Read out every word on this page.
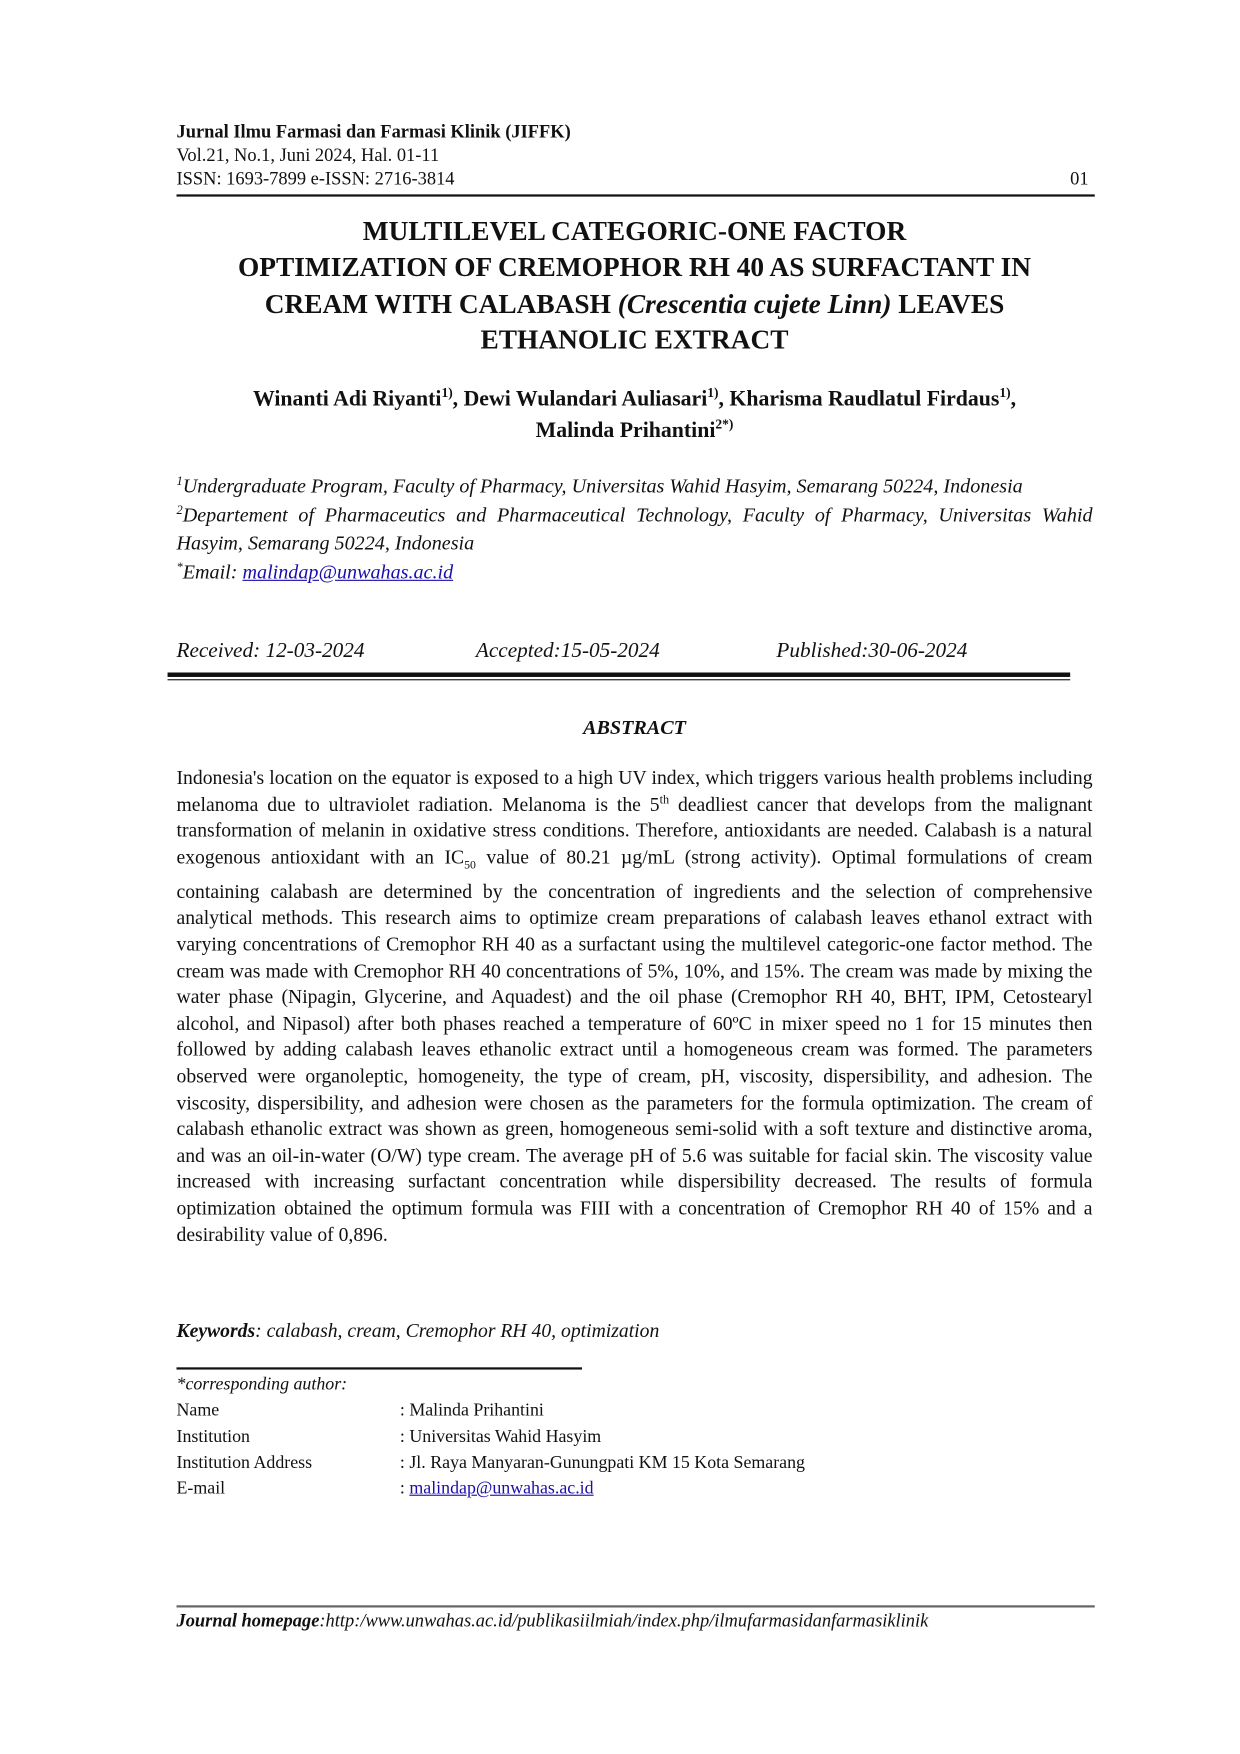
Jurnal Ilmu Farmasi dan Farmasi Klinik (JIFFK)
Vol.21, No.1, Juni 2024, Hal. 01-11
ISSN: 1693-7899 e-ISSN: 2716-3814	01
MULTILEVEL CATEGORIC-ONE FACTOR
OPTIMIZATION OF CREMOPHOR RH 40 AS SURFACTANT IN
CREAM WITH CALABASH (Crescentia cujete Linn) LEAVES
ETHANOLIC EXTRACT
Winanti Adi Riyanti$^{1)}$, Dewi Wulandari Auliasari$^{1)}$, Kharisma Raudlatul Firdaus$^{1)}$,
Malinda Prihantini$^{2*)}$
$^1$Undergraduate Program, Faculty of Pharmacy, Universitas Wahid Hasyim, Semarang 50224, Indonesia
$^2$Departement of Pharmaceutics and Pharmaceutical Technology, Faculty of Pharmacy, Universitas Wahid Hasyim, Semarang 50224, Indonesia
*Email: malindap@unwahas.ac.id
Received: 12-03-2024	Accepted:15-05-2024	Published:30-06-2024
ABSTRACT
Indonesia's location on the equator is exposed to a high UV index, which triggers various health problems including melanoma due to ultraviolet radiation. Melanoma is the 5th deadliest cancer that develops from the malignant transformation of melanin in oxidative stress conditions. Therefore, antioxidants are needed. Calabash is a natural exogenous antioxidant with an $IC_{50}$ value of 80.21 µg/mL (strong activity). Optimal formulations of cream containing calabash are determined by the concentration of ingredients and the selection of comprehensive analytical methods. This research aims to optimize cream preparations of calabash leaves ethanol extract with varying concentrations of Cremophor RH 40 as a surfactant using the multilevel categoric-one factor method. The cream was made with Cremophor RH 40 concentrations of 5%, 10%, and 15%. The cream was made by mixing the water phase (Nipagin, Glycerine, and Aquadest) and the oil phase (Cremophor RH 40, BHT, IPM, Cetostearyl alcohol, and Nipasol) after both phases reached a temperature of 60ºC in mixer speed no 1 for 15 minutes then followed by adding calabash leaves ethanolic extract until a homogeneous cream was formed. The parameters observed were organoleptic, homogeneity, the type of cream, pH, viscosity, dispersibility, and adhesion. The viscosity, dispersibility, and adhesion were chosen as the parameters for the formula optimization. The cream of calabash ethanolic extract was shown as green, homogeneous semi-solid with a soft texture and distinctive aroma, and was an oil-in-water (O/W) type cream. The average pH of 5.6 was suitable for facial skin. The viscosity value increased with increasing surfactant concentration while dispersibility decreased. The results of formula optimization obtained the optimum formula was FIII with a concentration of Cremophor RH 40 of 15% and a desirability value of 0,896.
Keywords: calabash, cream, Cremophor RH 40, optimization
*corresponding author:
Name	: Malinda Prihantini
Institution	: Universitas Wahid Hasyim
Institution Address	: Jl. Raya Manyaran-Gunungpati KM 15 Kota Semarang
E-mail	: malindap@unwahas.ac.id
Journal homepage:http:/www.unwahas.ac.id/publikasiilmiah/index.php/ilmufarmasidanfarmasiklinik
